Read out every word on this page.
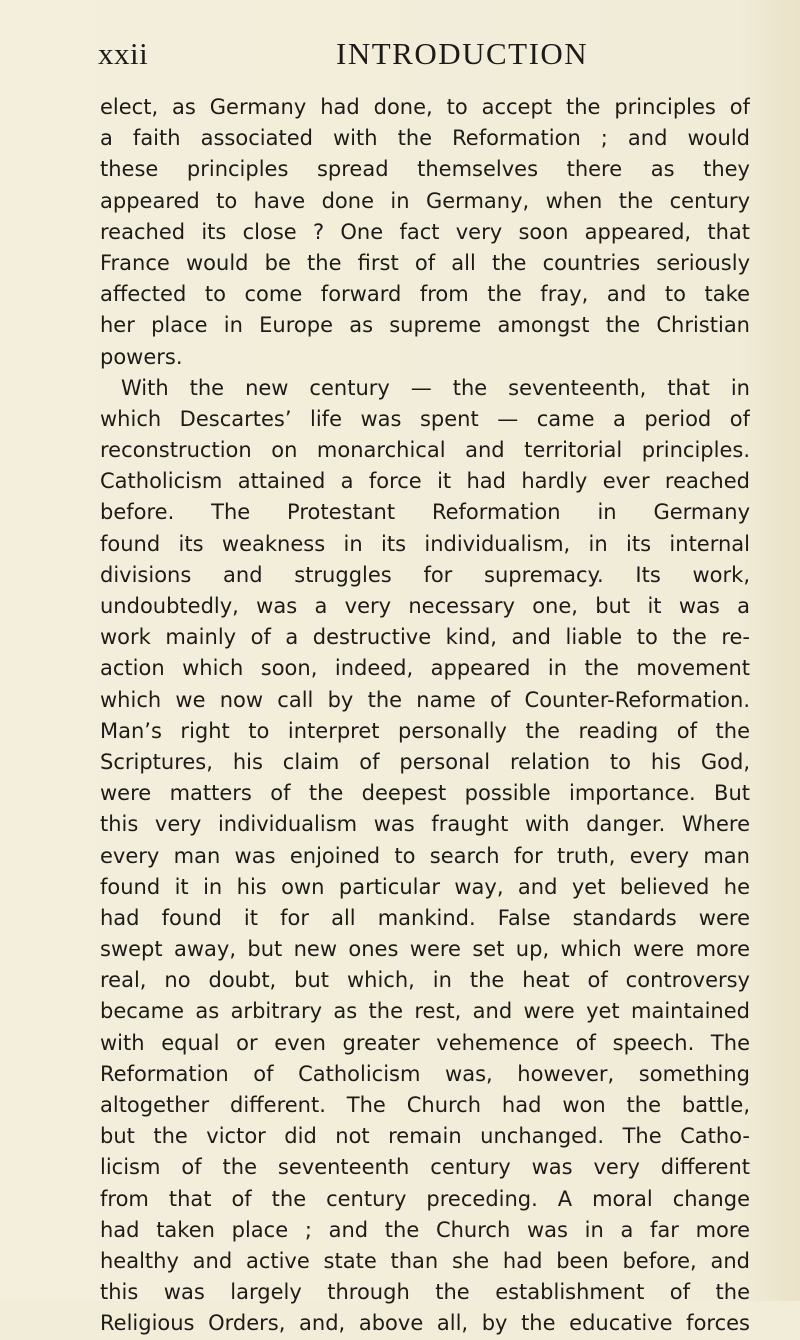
xxii	INTRODUCTION
elect, as Germany had done, to accept the principles of
a faith associated with the Reformation ; and would
these principles spread themselves there as they
appeared to have done in Germany, when the century
reached its close ? One fact very soon appeared, that
France would be the first of all the countries seriously
affected to come forward from the fray, and to take
her place in Europe as supreme amongst the Christian
powers.
With the new century — the seventeenth, that in
which Descartes’ life was spent — came a period of
reconstruction on monarchical and territorial principles.
Catholicism attained a force it had hardly ever reached
before. The Protestant Reformation in Germany
found its weakness in its individualism, in its internal
divisions and struggles for supremacy. Its work,
undoubtedly, was a very necessary one, but it was a
work mainly of a destructive kind, and liable to the re-
action which soon, indeed, appeared in the movement
which we now call by the name of Counter-Reformation.
Man’s right to interpret personally the reading of the
Scriptures, his claim of personal relation to his God,
were matters of the deepest possible importance. But
this very individualism was fraught with danger. Where
every man was enjoined to search for truth, every man
found it in his own particular way, and yet believed he
had found it for all mankind. False standards were
swept away, but new ones were set up, which were more
real, no doubt, but which, in the heat of controversy
became as arbitrary as the rest, and were yet maintained
with equal or even greater vehemence of speech. The
Reformation of Catholicism was, however, something
altogether different. The Church had won the battle,
but the victor did not remain unchanged. The Catho-
licism of the seventeenth century was very different
from that of the century preceding. A moral change
had taken place ; and the Church was in a far more
healthy and active state than she had been before, and
this was largely through the establishment of the
Religious Orders, and, above all, by the educative forces
